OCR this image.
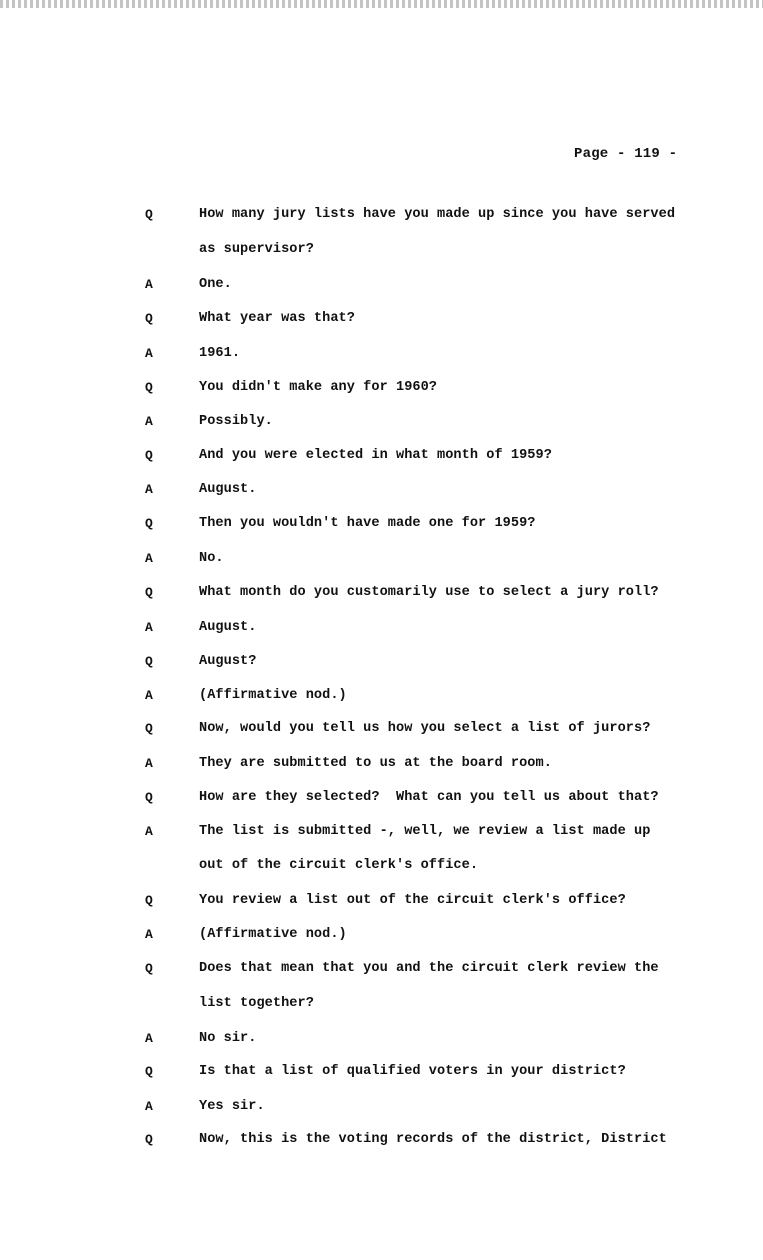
Page - 119 -
Q	How many jury lists have you made up since you have served
as supervisor?
A	One.
Q	What year was that?
A	1961.
Q	You didn't make any for 1960?
A	Possibly.
Q	And you were elected in what month of 1959?
A	August.
Q	Then you wouldn't have made one for 1959?
A	No.
Q	What month do you customarily use to select a jury roll?
A	August.
Q	August?
A	(Affirmative nod.)
Q	Now, would you tell us how you select a list of jurors?
A	They are submitted to us at the board room.
Q	How are they selected?  What can you tell us about that?
A	The list is submitted -, well, we review a list made up
out of the circuit clerk's office.
Q	You review a list out of the circuit clerk's office?
A	(Affirmative nod.)
Q	Does that mean that you and the circuit clerk review the
list together?
A	No sir.
Q	Is that a list of qualified voters in your district?
A	Yes sir.
Q	Now, this is the voting records of the district, District
